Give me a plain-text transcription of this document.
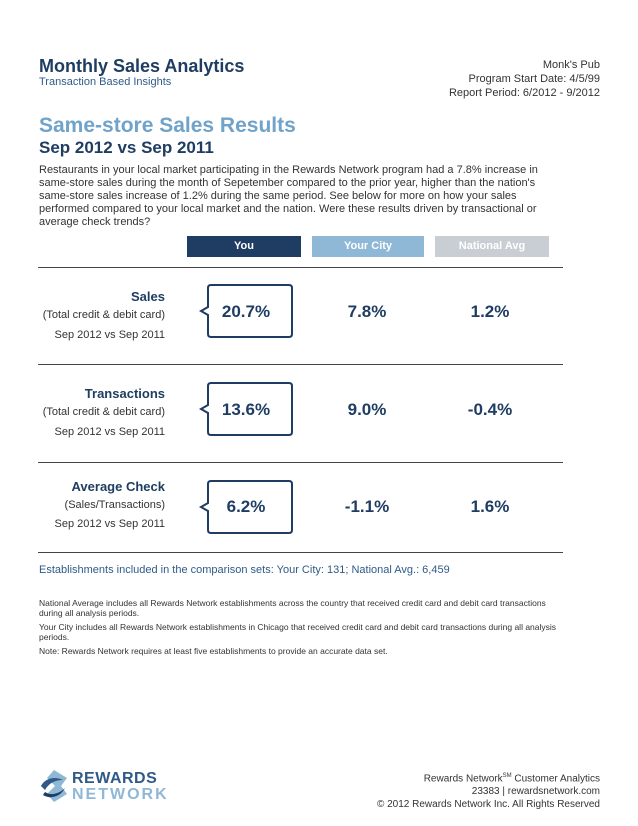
Monthly Sales Analytics
Transaction Based Insights
Monk's Pub
Program Start Date: 4/5/99
Report Period: 6/2012 - 9/2012
Same-store Sales Results
Sep 2012 vs Sep 2011
Restaurants in your local market participating in the Rewards Network program had a 7.8% increase in same-store sales during the month of Sepetember compared to the prior year, higher than the nation's same-store sales increase of 1.2% during the same period. See below for more on how your sales performed compared to your local market and the nation. Were these results driven by transactional or average check trends?
You	Your City	National Avg
Sales
(Total credit & debit card)
Sep 2012 vs Sep 2011
20.7%	7.8%	1.2%
Transactions
(Total credit & debit card)
Sep 2012 vs Sep 2011
13.6%	9.0%	-0.4%
Average Check
(Sales/Transactions)
Sep 2012 vs Sep 2011
6.2%	-1.1%	1.6%
Establishments included in the comparison sets: Your City: 131; National Avg.: 6,459

National Average includes all Rewards Network establishments across the country that received credit card and debit card transactions during all analysis periods.

Your City includes all Rewards Network establishments in Chicago that received credit card and debit card transactions during all analysis periods.

Note: Rewards Network requires at least five establishments to provide an accurate data set.

REWARDS
NETWORK
Rewards Network℠ Customer Analytics
23383 | rewardsnetwork.com
© 2012 Rewards Network Inc. All Rights Reserved
